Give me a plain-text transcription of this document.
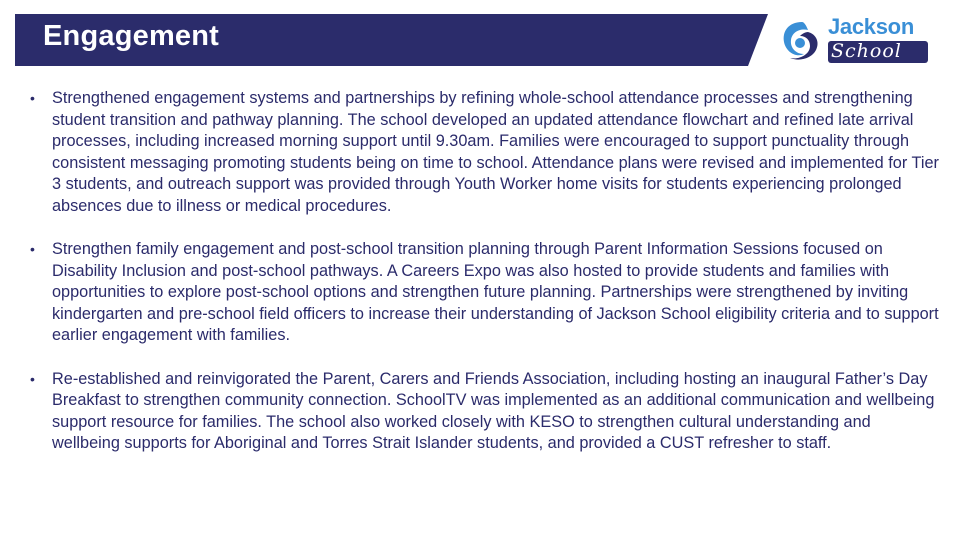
Engagement	Jackson
School
• Strengthened engagement systems and partnerships by refining whole-school attendance processes and strengthening student transition and pathway planning. The school developed an updated attendance flowchart and refined late arrival processes, including increased morning support until 9.30am. Families were encouraged to support punctuality through consistent messaging promoting students being on time to school. Attendance plans were revised and implemented for Tier 3 students, and outreach support was provided through Youth Worker home visits for students experiencing prolonged absences due to illness or medical procedures.
• Strengthen family engagement and post-school transition planning through Parent Information Sessions focused on Disability Inclusion and post-school pathways. A Careers Expo was also hosted to provide students and families with opportunities to explore post-school options and strengthen future planning. Partnerships were strengthened by inviting kindergarten and pre-school field officers to increase their understanding of Jackson School eligibility criteria and to support earlier engagement with families.
• Re-established and reinvigorated the Parent, Carers and Friends Association, including hosting an inaugural Father’s Day Breakfast to strengthen community connection. SchoolTV was implemented as an additional communication and wellbeing support resource for families. The school also worked closely with KESO to strengthen cultural understanding and wellbeing supports for Aboriginal and Torres Strait Islander students, and provided a CUST refresher to staff.
